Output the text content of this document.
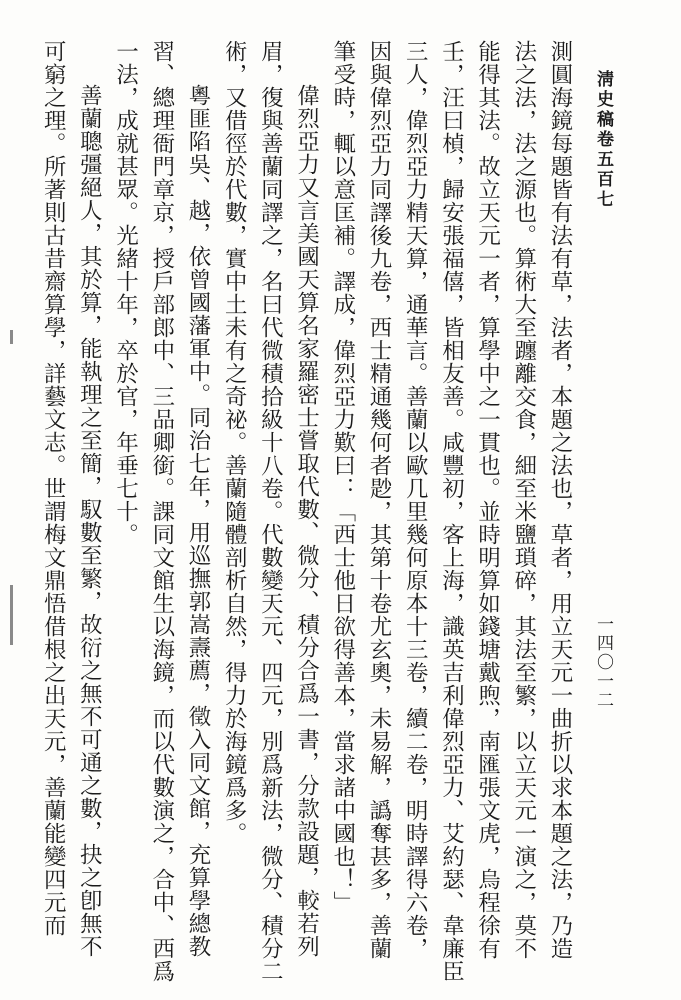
淸史稿卷五百七
一四〇一二
測圓海鏡每題皆有法有草，法者，本題之法也，草者，用立天元一曲折以求本題之法，乃造
法之法，法之源也。算術大至躔離交食，細至米鹽瑣碎，其法至繁，以立天元一演之，莫不
能得其法。故立天元一者，算學中之一貫也。並時明算如錢塘戴煦，南匯張文虎，烏程徐有
壬，汪曰楨，歸安張福僖，皆相友善。咸豐初，客上海，識英吉利偉烈亞力、艾約瑟、韋廉臣
三人，偉烈亞力精天算，通華言。善蘭以歐几里幾何原本十三卷，續二卷，明時譯得六卷，
因與偉烈亞力同譯後九卷，西士精通幾何者尟，其第十卷尤玄奧，未易解，譌奪甚多，善蘭
筆受時，輒以意匡補。譯成，偉烈亞力歎曰：「西士他日欲得善本，當求諸中國也！」
偉烈亞力又言美國天算名家羅密士嘗取代數、微分、積分合爲一書，分款設題，較若列
眉，復與善蘭同譯之，名曰代微積拾級十八卷。代數變天元、四元，別爲新法，微分、積分二
術，又借徑於代數，實中土未有之奇祕。善蘭隨體剖析自然，得力於海鏡爲多。
粵匪陷吳、越，依曾國藩軍中。同治七年，用巡撫郭嵩燾薦，徵入同文館，充算學總教
習、總理衙門章京，授戶部郎中、三品卿銜。課同文館生以海鏡，而以代數演之，合中、西爲
一法，成就甚眾。光緒十年，卒於官，年垂七十。
善蘭聰彊絕人，其於算，能執理之至簡，馭數至繁，故衍之無不可通之數，抉之卽無不
可窮之理。所著則古昔齋算學，詳藝文志。世謂梅文鼎悟借根之出天元，善蘭能變四元而
